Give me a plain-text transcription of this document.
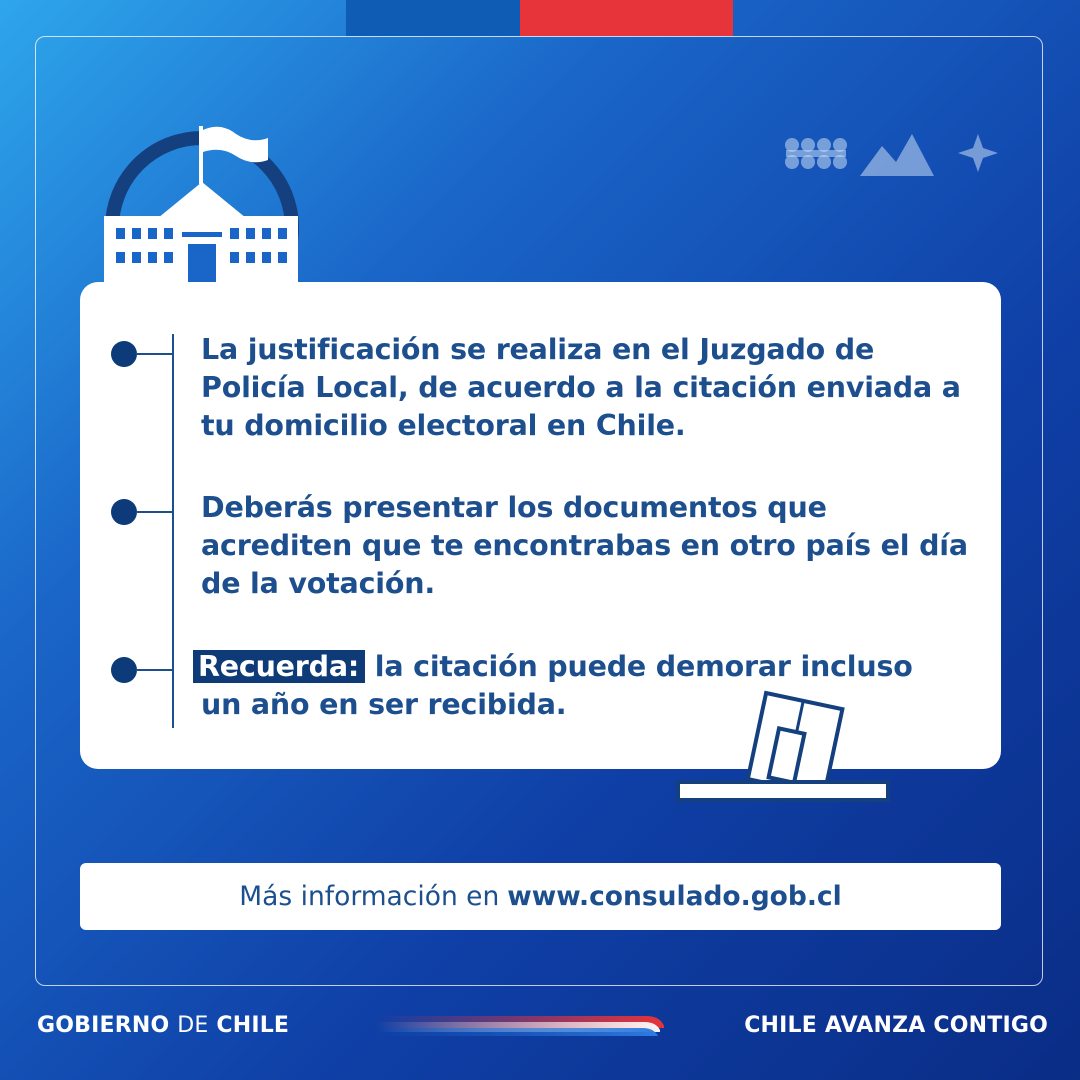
La justificación se realiza en el Juzgado de
Policía Local, de acuerdo a la citación enviada a
tu domicilio electoral en Chile.
Deberás presentar los documentos que
acrediten que te encontrabas en otro país el día
de la votación.
Recuerda: la citación puede demorar incluso
un año en ser recibida.
Más información en www.consulado.gob.cl
GOBIERNO DE CHILE	CHILE AVANZA CONTIGO
